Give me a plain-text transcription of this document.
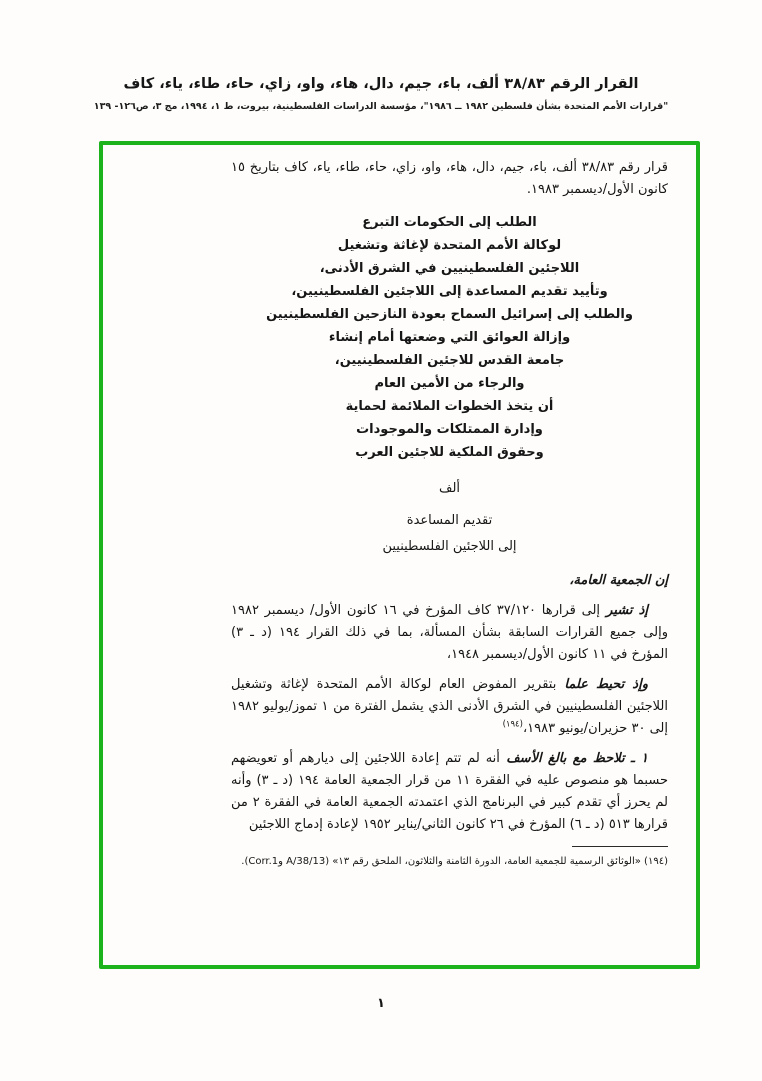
القرار الرقم ٣٨/٨٣ ألف، باء، جيم، دال، هاء، واو، زاي، حاء، طاء، ياء، كاف
"قرارات الأمم المتحدة بشأن فلسطين ١٩٨٢ ــ ١٩٨٦"، مؤسسة الدراسات الفلسطينية، بيروت، ط ١، ١٩٩٤، مج ٣، ص١٢٦- ١٣٩

قرار رقم ٣٨/٨٣ ألف، باء، جيم، دال، هاء، واو، زاي، حاء، طاء، ياء، كاف بتاريخ ١٥ كانون الأول/ديسمبر ١٩٨٣.

الطلب إلى الحكومات التبرع
لوكالة الأمم المتحدة لإغاثة وتشغيل
اللاجئين الفلسطينيين في الشرق الأدنى،
وتأييد تقديم المساعدة إلى اللاجئين الفلسطينيين،
والطلب إلى إسرائيل السماح بعودة النازحين الفلسطينيين
وإزالة العوائق التي وضعتها أمام إنشاء
جامعة القدس للاجئين الفلسطينيين،
والرجاء من الأمين العام
أن يتخذ الخطوات الملائمة لحماية
وإدارة الممتلكات والموجودات
وحقوق الملكية للاجئين العرب
ألف
تقديم المساعدة
إلى اللاجئين الفلسطينيين

إن الجمعية العامة،

إذ تشير إلى قرارها ٣٧/١٢٠ كاف المؤرخ في ١٦ كانون الأول/ ديسمبر ١٩٨٢ وإلى جميع القرارات السابقة بشأن المسألة، بما في ذلك القرار ١٩٤ (د ـ ٣) المؤرخ في ١١ كانون الأول/ديسمبر ١٩٤٨،

وإذ تحيط علما بتقرير المفوض العام لوكالة الأمم المتحدة لإغاثة وتشغيل اللاجئين الفلسطينيين في الشرق الأدنى الذي يشمل الفترة من ١ تموز/يوليو ١٩٨٢ إلى ٣٠ حزيران/يونيو ١٩٨٣،$^{(١٩٤)}$

١ ـ تلاحظ مع بالغ الأسف أنه لم تتم إعادة اللاجئين إلى ديارهم أو تعويضهم حسبما هو منصوص عليه في الفقرة ١١ من قرار الجمعية العامة ١٩٤ (د ـ ٣) وأنه لم يحرز أي تقدم كبير في البرنامج الذي اعتمدته الجمعية العامة في الفقرة ٢ من قرارها ٥١٣ (د ـ ٦) المؤرخ في ٢٦ كانون الثاني/يناير ١٩٥٢ لإعادة إدماج اللاجئين

(١٩٤) «الوثائق الرسمية للجمعية العامة، الدورة الثامنة والثلاثون، الملحق رقم ١٣» (A/38/13 وCorr.1).

١
